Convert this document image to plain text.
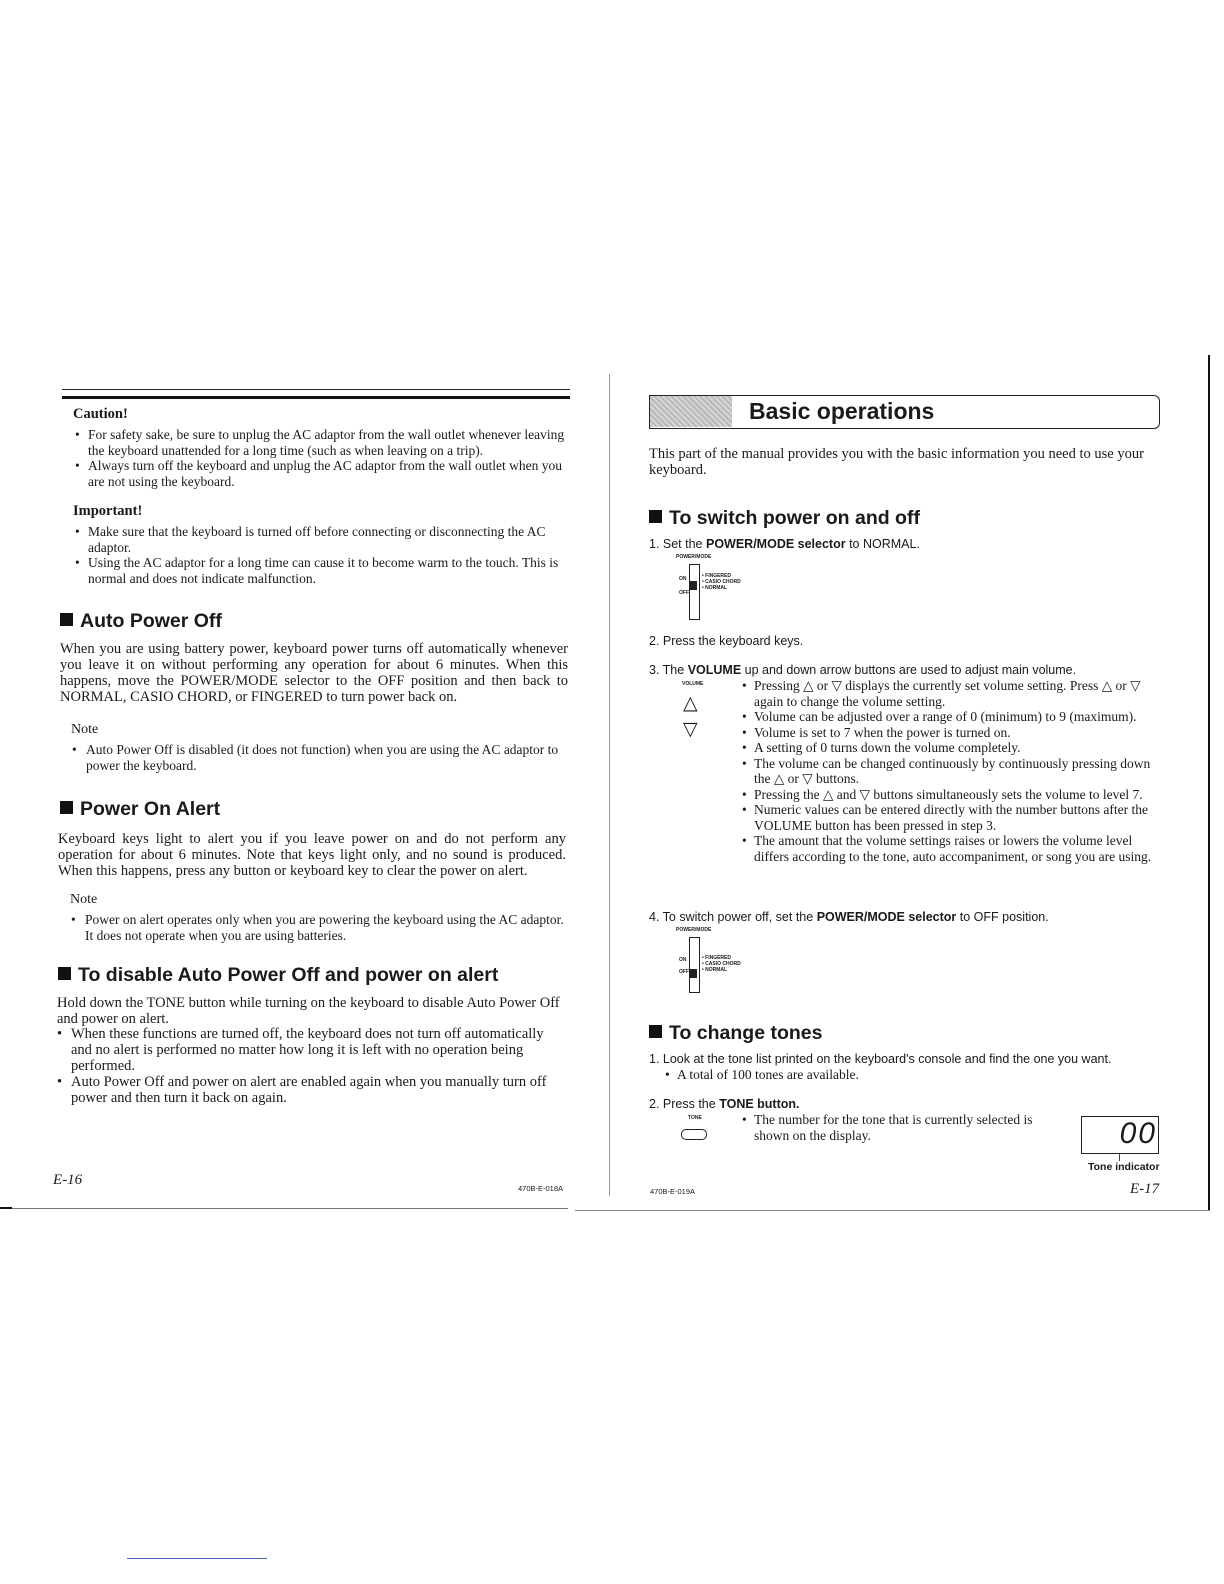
Caution!
• For safety sake, be sure to unplug the AC adaptor from the wall outlet whenever leaving the keyboard unattended for a long time (such as when leaving on a trip).
• Always turn off the keyboard and unplug the AC adaptor from the wall outlet when you are not using the keyboard.
Important!
• Make sure that the keyboard is turned off before connecting or disconnecting the AC adaptor.
• Using the AC adaptor for a long time can cause it to become warm to the touch. This is normal and does not indicate malfunction.
Auto Power Off
When you are using battery power, keyboard power turns off automatically whenever you leave it on without performing any operation for about 6 minutes. When this happens, move the POWER/MODE selector to the OFF position and then back to NORMAL, CASIO CHORD, or FINGERED to turn power back on.
Note
• Auto Power Off is disabled (it does not function) when you are using the AC adaptor to power the keyboard.
Power On Alert
Keyboard keys light to alert you if you leave power on and do not perform any operation for about 6 minutes. Note that keys light only, and no sound is produced. When this happens, press any button or keyboard key to clear the power on alert.
Note
• Power on alert operates only when you are powering the keyboard using the AC adaptor. It does not operate when you are using batteries.
To disable Auto Power Off and power on alert
Hold down the TONE button while turning on the keyboard to disable Auto Power Off and power on alert.
• When these functions are turned off, the keyboard does not turn off automatically and no alert is performed no matter how long it is left with no operation being performed.
• Auto Power Off and power on alert are enabled again when you manually turn off power and then turn it back on again.
E-16
470B-E-018A
Basic operations
This part of the manual provides you with the basic information you need to use your keyboard.
To switch power on and off
1. Set the POWER/MODE selector to NORMAL.
POWER/MODE
ON
OFF
• FINGERED
• CASIO CHORD
• NORMAL
2. Press the keyboard keys.
3. The VOLUME up and down arrow buttons are used to adjust main volume.
VOLUME
△
▽
• Pressing △ or ▽ displays the currently set volume setting. Press △ or ▽ again to change the volume setting.
• Volume can be adjusted over a range of 0 (minimum) to 9 (maximum).
• Volume is set to 7 when the power is turned on.
• A setting of 0 turns down the volume completely.
• The volume can be changed continuously by continuously pressing down the △ or ▽ buttons.
• Pressing the △ and ▽ buttons simultaneously sets the volume to level 7.
• Numeric values can be entered directly with the number buttons after the VOLUME button has been pressed in step 3.
• The amount that the volume settings raises or lowers the volume level differs according to the tone, auto accompaniment, or song you are using.
4. To switch power off, set the POWER/MODE selector to OFF position.
POWER/MODE
ON
OFF
• FINGERED
• CASIO CHORD
• NORMAL
To change tones
1. Look at the tone list printed on the keyboard's console and find the one you want.
• A total of 100 tones are available.
2. Press the TONE button.
TONE
•	The number for the tone that is currently selected is shown on the display.	00
Tone indicator
470B-E-019A	E-17
